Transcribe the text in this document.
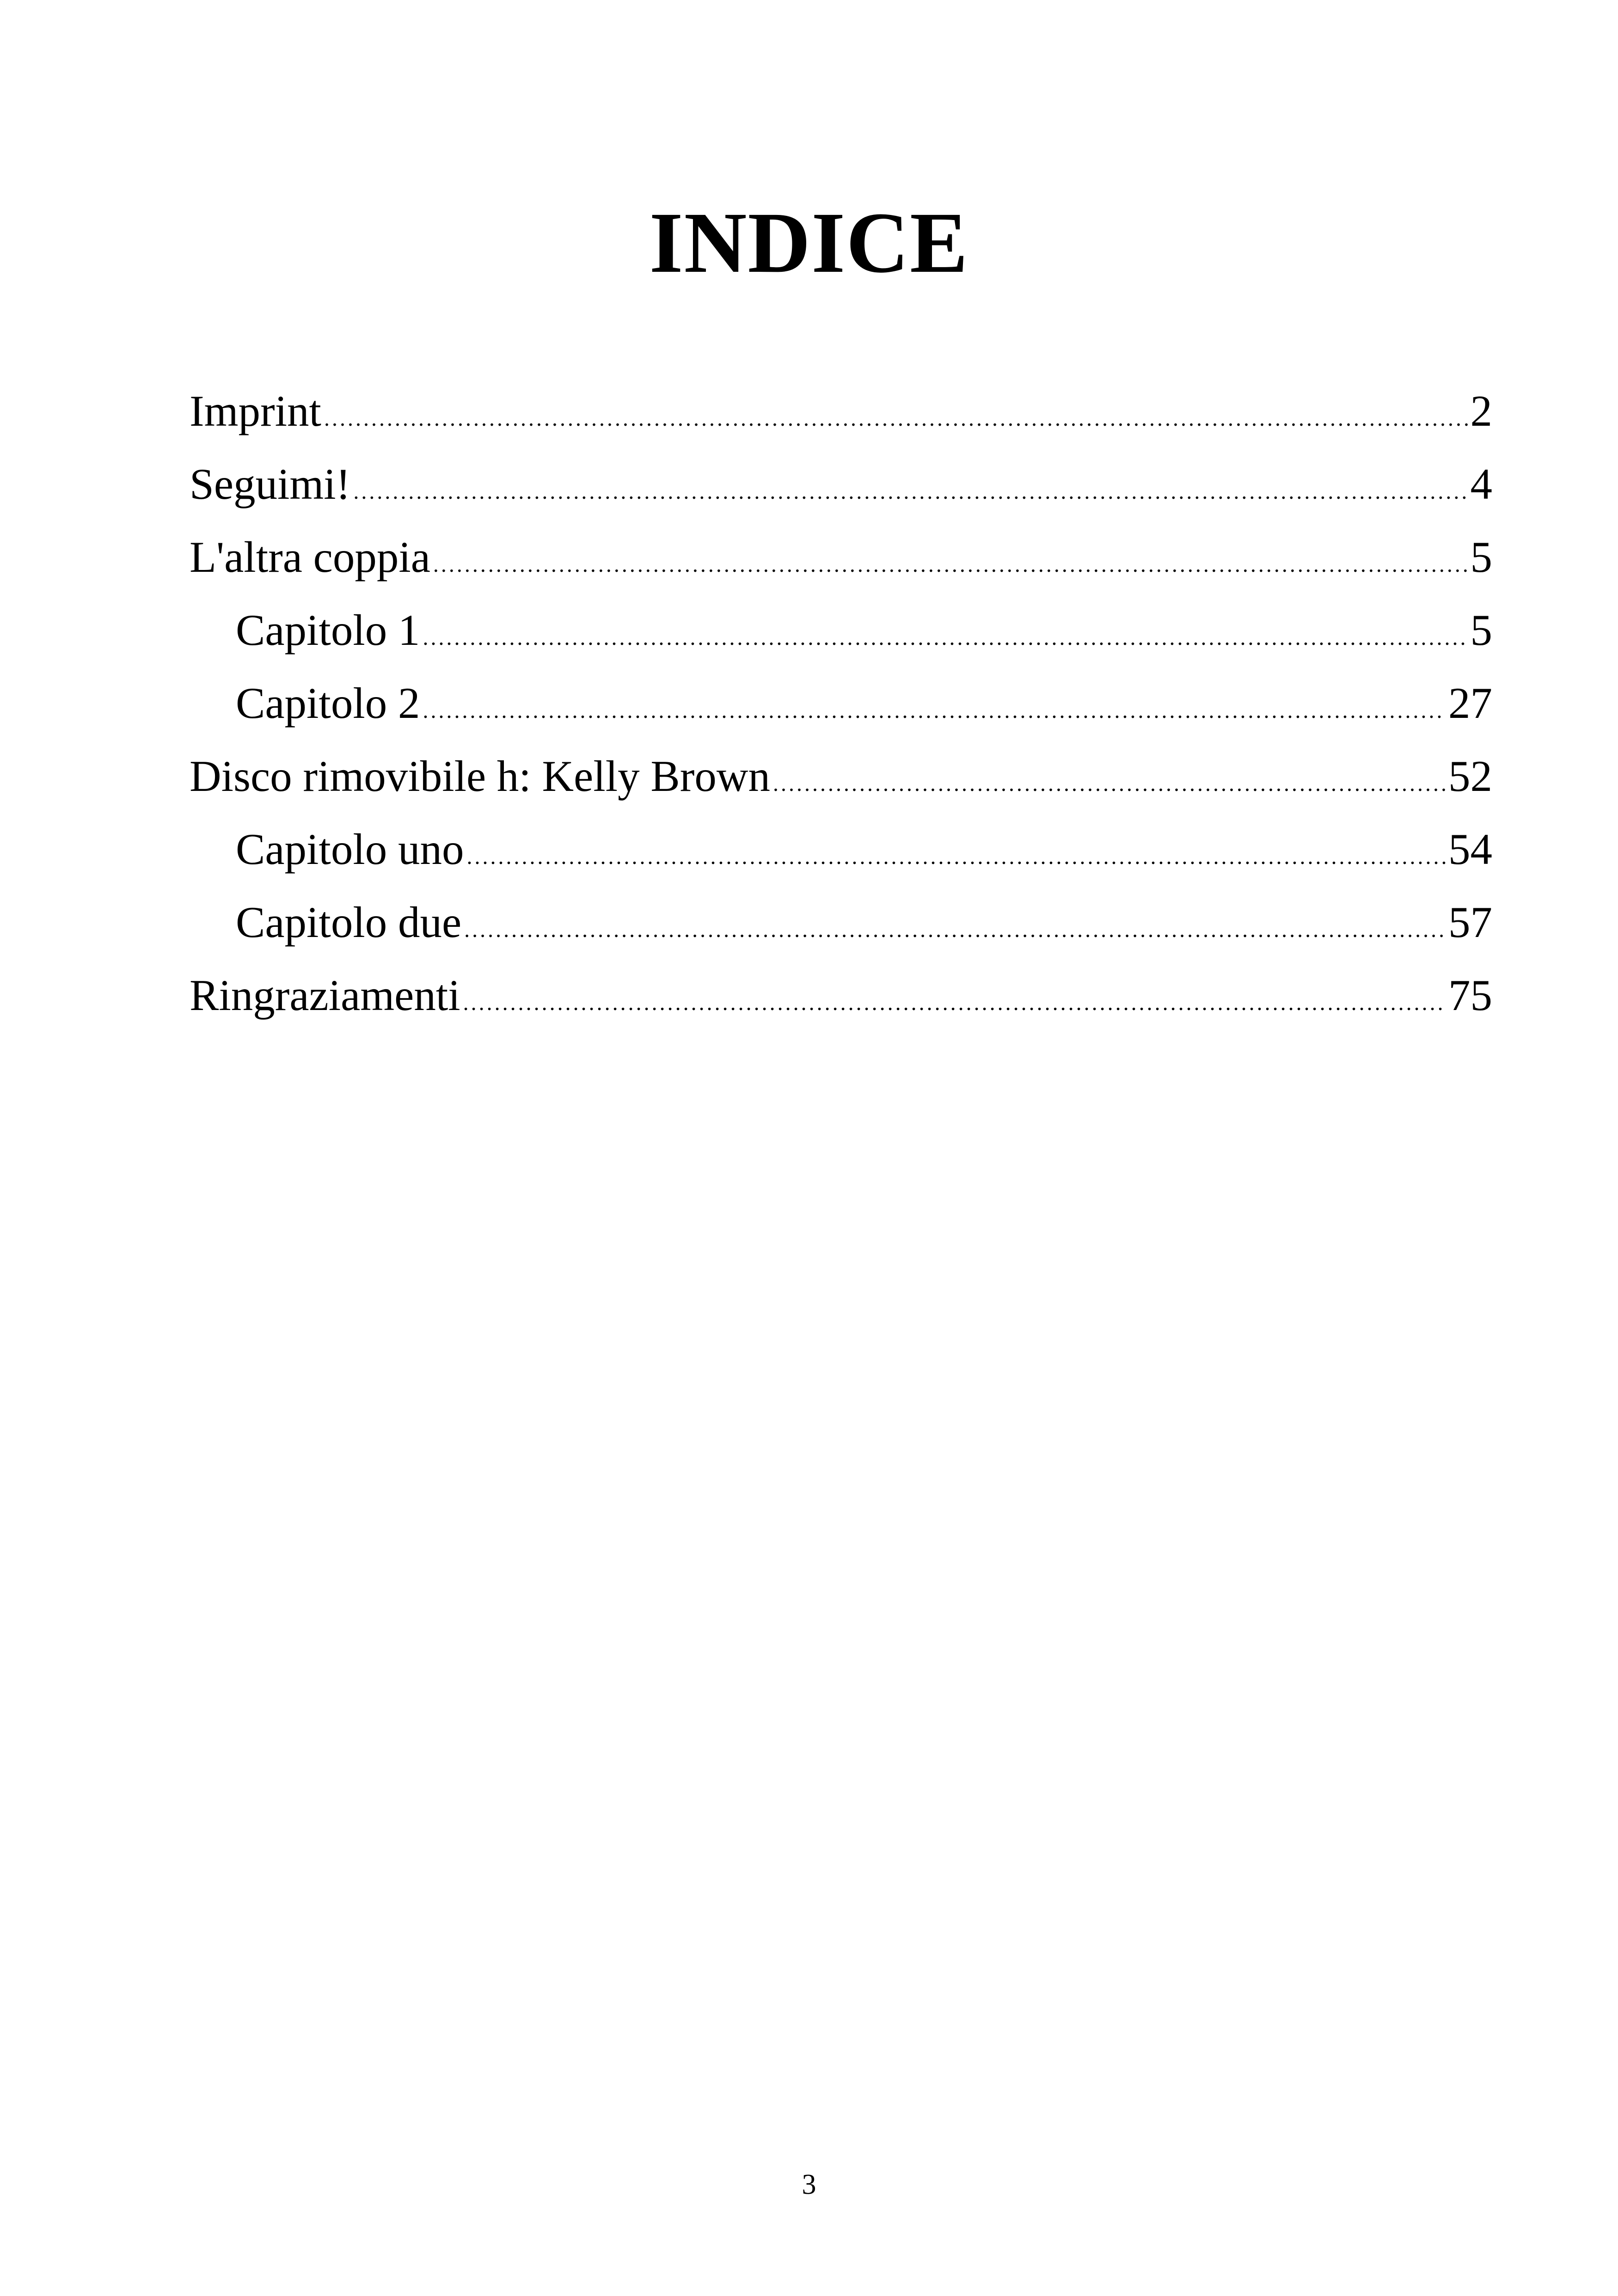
INDICE
Imprint .....	2
Seguimi! .....	4
L'altra coppia .....	5
Capitolo 1 .....	5
Capitolo 2 .....	27
Disco rimovibile h: Kelly Brown .....	52
Capitolo uno .....	54
Capitolo due .....	57
Ringraziamenti .....	75
3
